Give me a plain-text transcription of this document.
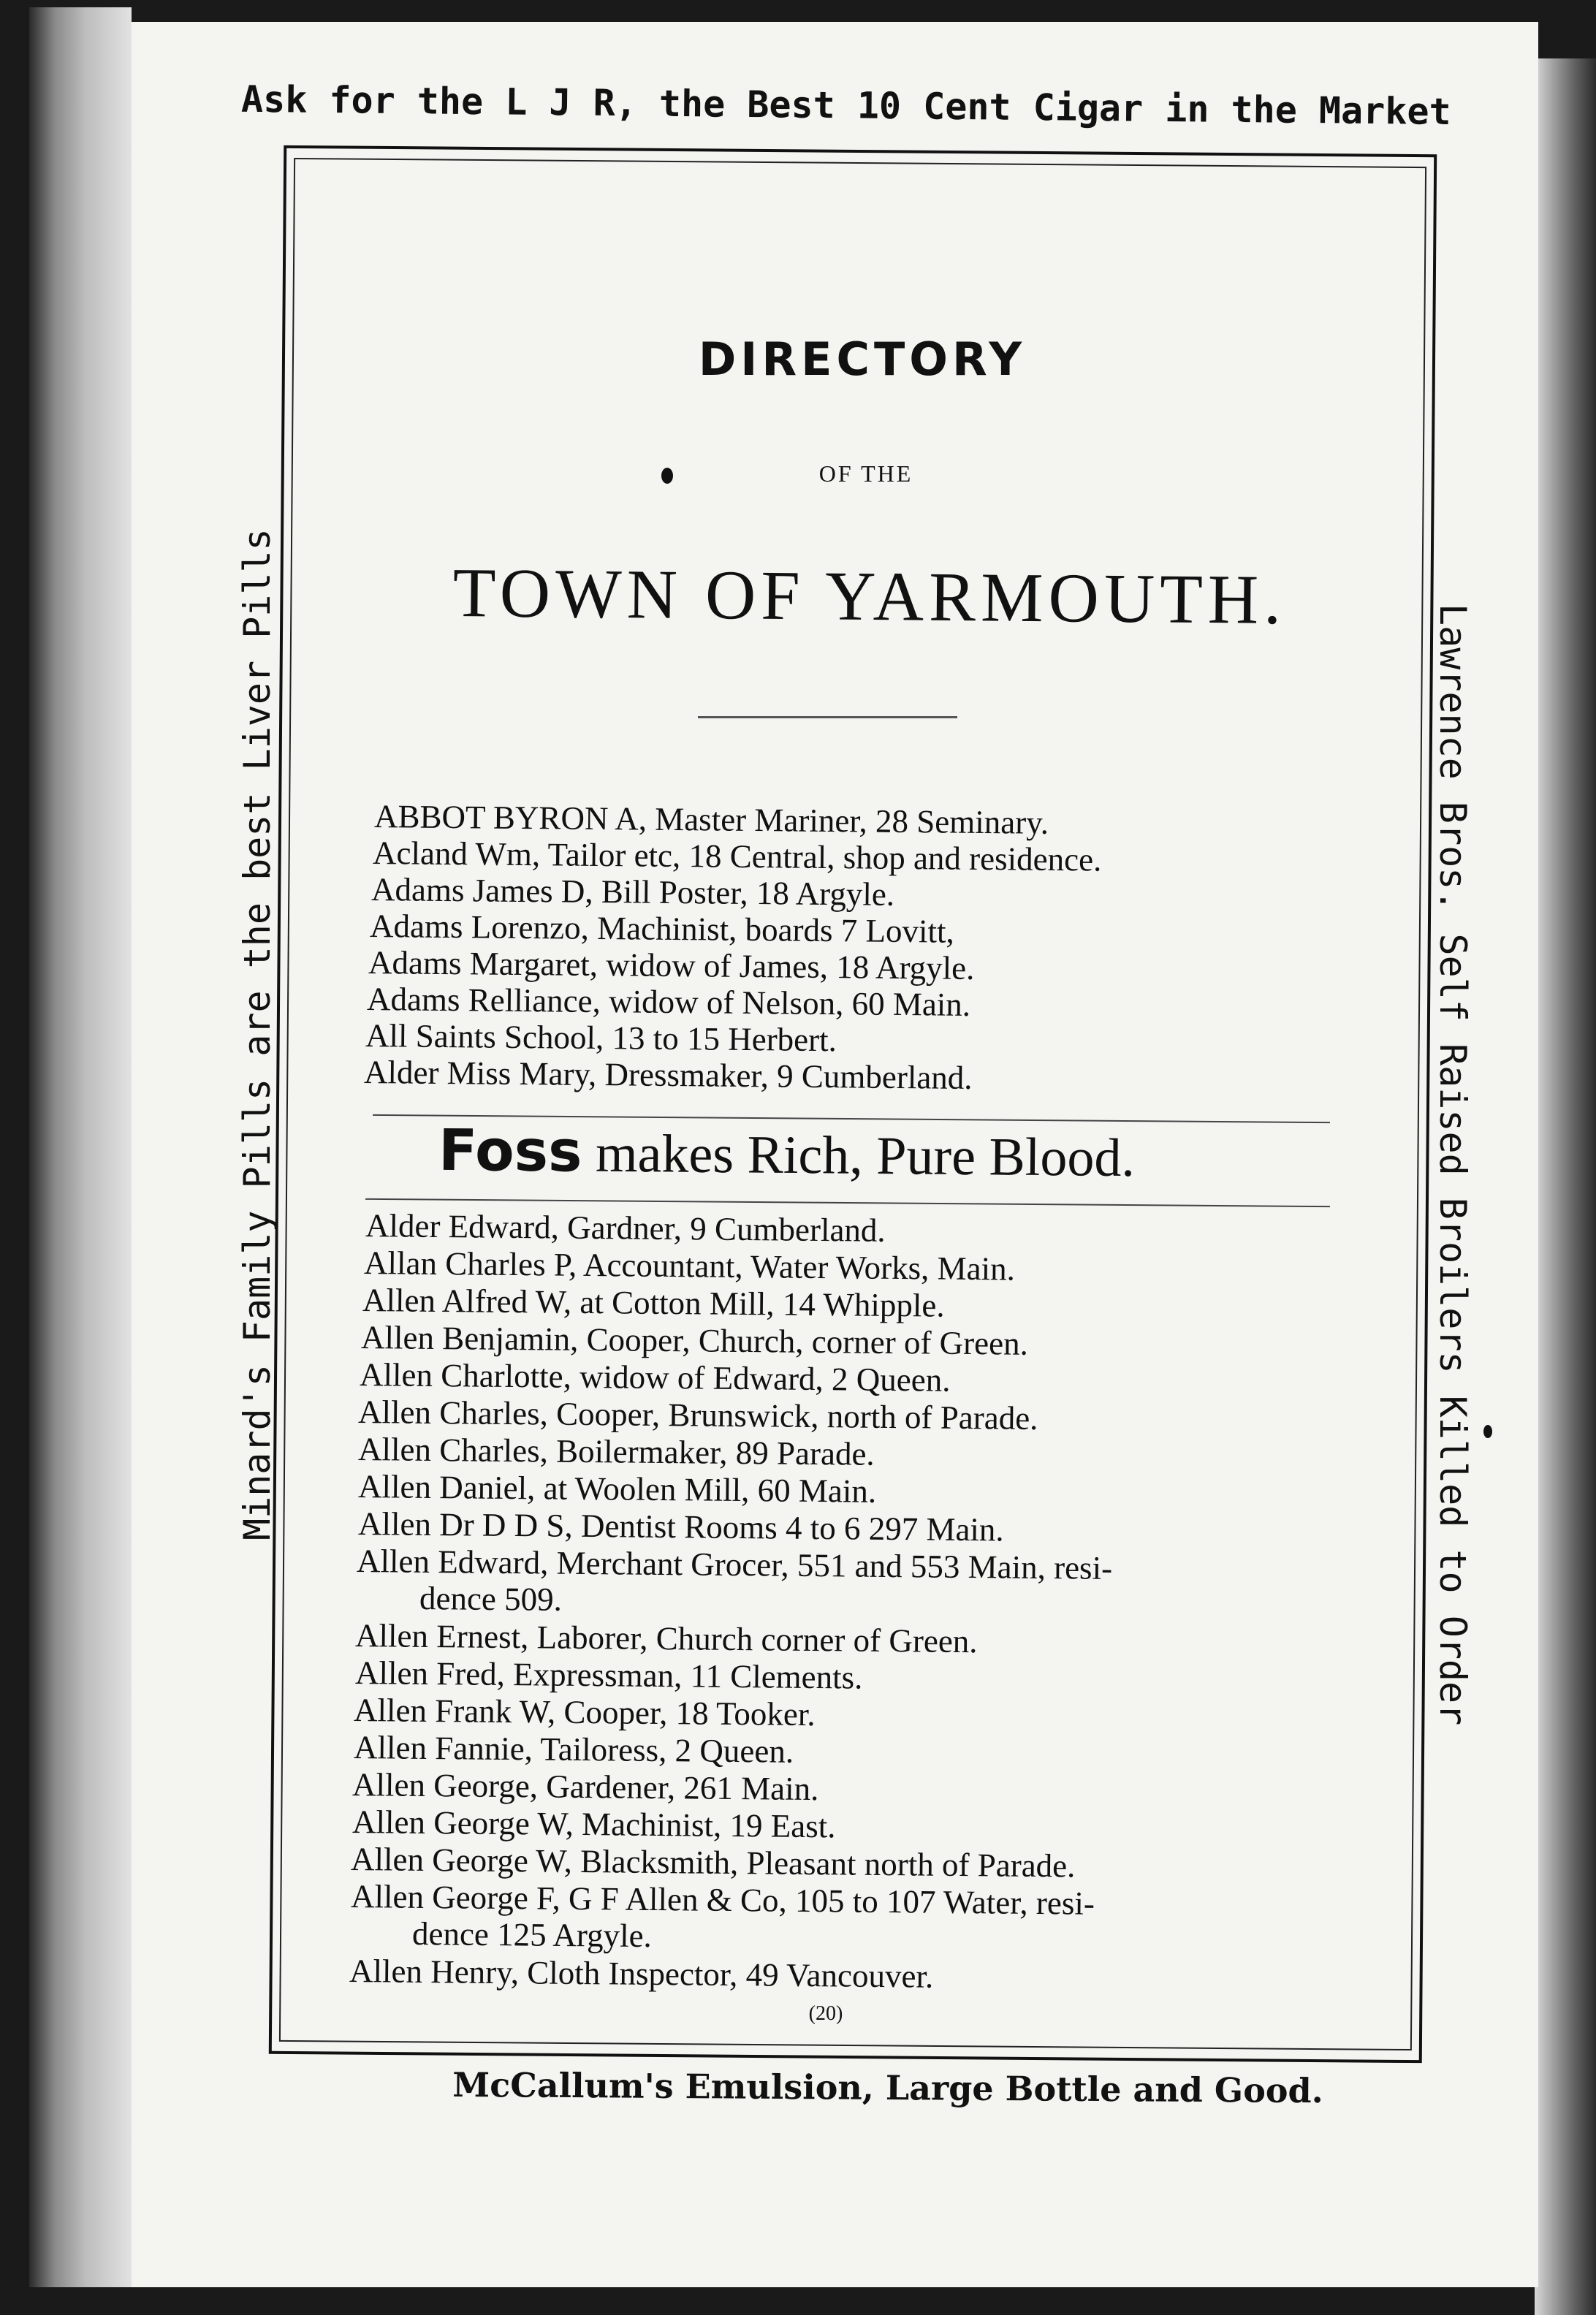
Ask for the L J R, the Best 10 Cent Cigar in the Market
Minard's Family Pills are the best Liver Pills	Lawrence Bros. Self Raised Broilers Killed to Order
McCallum's Emulsion, Large Bottle and Good.
DIRECTORY
OF THE
TOWN OF YARMOUTH.
ABBOT BYRON A, Master Mariner, 28 Seminary.
Acland Wm, Tailor etc, 18 Central, shop and residence.
Adams James D, Bill Poster, 18 Argyle.
Adams Lorenzo, Machinist, boards 7 Lovitt,
Adams Margaret, widow of James, 18 Argyle.
Adams Relliance, widow of Nelson, 60 Main.
All Saints School, 13 to 15 Herbert.
Alder Miss Mary, Dressmaker, 9 Cumberland.
Foss makes Rich, Pure Blood.
Alder Edward, Gardner, 9 Cumberland.
Allan Charles P, Accountant, Water Works, Main.
Allen Alfred W, at Cotton Mill, 14 Whipple.
Allen Benjamin, Cooper, Church, corner of Green.
Allen Charlotte, widow of Edward, 2 Queen.
Allen Charles, Cooper, Brunswick, north of Parade.
Allen Charles, Boilermaker, 89 Parade.
Allen Daniel, at Woolen Mill, 60 Main.
Allen Dr D D S, Dentist Rooms 4 to 6 297 Main.
Allen Edward, Merchant Grocer, 551 and 553 Main, resi-
dence 509.
Allen Ernest, Laborer, Church corner of Green.
Allen Fred, Expressman, 11 Clements.
Allen Frank W, Cooper, 18 Tooker.
Allen Fannie, Tailoress, 2 Queen.
Allen George, Gardener, 261 Main.
Allen George W, Machinist, 19 East.
Allen George W, Blacksmith, Pleasant north of Parade.
Allen George F, G F Allen & Co, 105 to 107 Water, resi-
dence 125 Argyle.
Allen Henry, Cloth Inspector, 49 Vancouver.
(20)
